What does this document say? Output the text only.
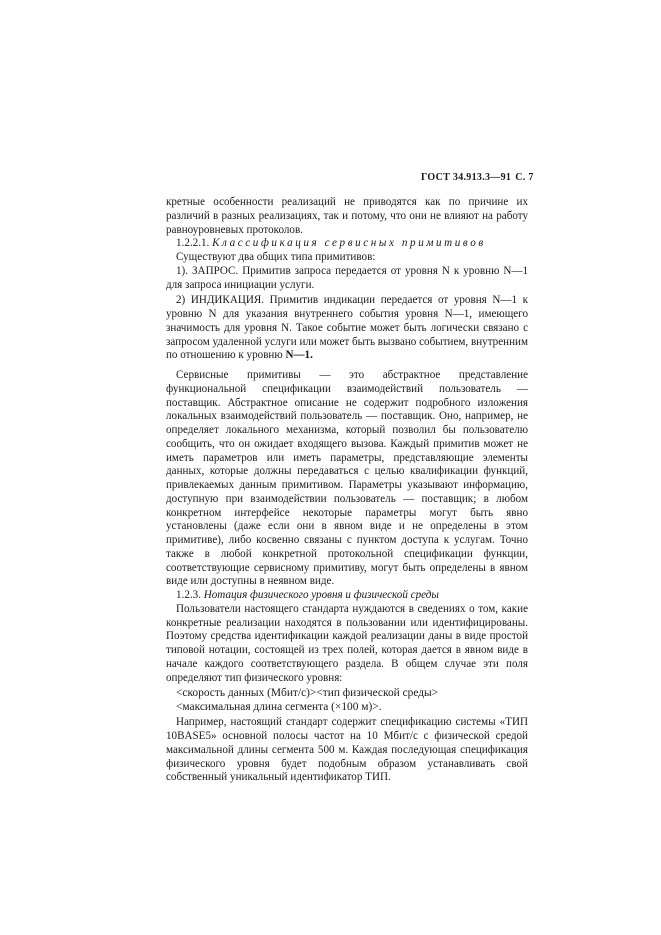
ГОСТ 34.913.3—91 С. 7

кретные особенности реализаций не приводятся как по причине их различий в разных реализациях, так и потому, что они не влияют на работу равноуровневых протоколов.

1.2.2.1. Классификация сервисных примитивов

Существуют два общих типа примитивов:

1). ЗАПРОС. Примитив запроса передается от уровня N к уровню N—1 для запроса инициации услуги.

2) ИНДИКАЦИЯ. Примитив индикации передается от уровня N—1 к уровню N для указания внутреннего события уровня N—1, имеющего значимость для уровня N. Такое событие может быть логически связано с запросом удаленной услуги или может быть вызвано событием, внутренним по отношению к уровню N—1.

Сервисные примитивы — это абстрактное представление функциональной спецификации взаимодействий пользователь — поставщик. Абстрактное описание не содержит подробного изложения локальных взаимодействий пользователь — поставщик. Оно, например, не определяет локального механизма, который позволил бы пользователю сообщить, что он ожидает входящего вызова. Каждый примитив может не иметь параметров или иметь параметры, представляющие элементы данных, которые должны передаваться с целью квалификации функций, привлекаемых данным примитивом. Параметры указывают информацию, доступную при взаимодействии пользователь — поставщик; в любом конкретном интерфейсе некоторые параметры могут быть явно установлены (даже если они в явном виде и не определены в этом примитиве), либо косвенно связаны с пунктом доступа к услугам. Точно также в любой конкретной протокольной спецификации функции, соответствующие сервисному примитиву, могут быть определены в явном виде или доступны в неявном виде.

1.2.3. Нотация физического уровня и физической среды

Пользователи настоящего стандарта нуждаются в сведениях о том, какие конкретные реализации находятся в пользовании или идентифицированы. Поэтому средства идентификации каждой реализации даны в виде простой типовой нотации, состоящей из трех полей, которая дается в явном виде в начале каждого соответствующего раздела. В общем случае эти поля определяют тип физического уровня:

<скорость данных (Мбит/с)><тип физической среды>
<максимальная длина сегмента (×100 м)>.

Например, настоящий стандарт содержит спецификацию системы «ТИП 10BASE5» основной полосы частот на 10 Мбит/с с физической средой максимальной длины сегмента 500 м. Каждая последующая спецификация физического уровня будет подобным образом устанавливать свой собственный уникальный идентификатор ТИП.
